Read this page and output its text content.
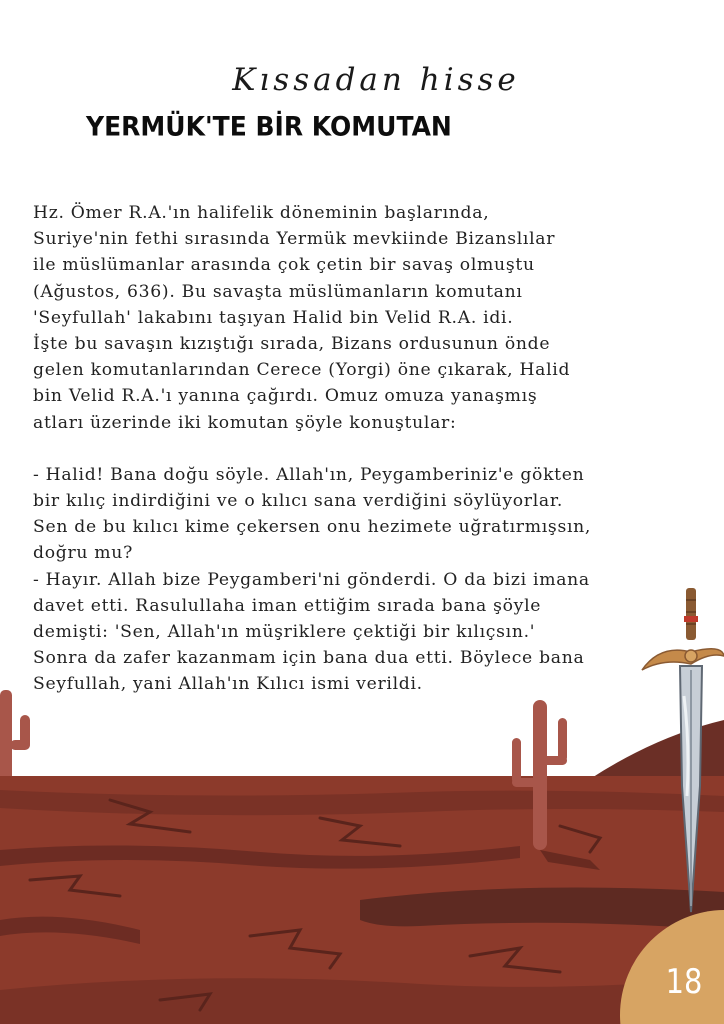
Kıssadan hisse
YERMÜK'TE BİR KOMUTAN

Hz. Ömer R.A.'ın halifelik döneminin başlarında,

Suriye'nin fethi sırasında Yermük mevkiinde Bizanslılar

ile müslümanlar arasında çok çetin bir savaş olmuştu

(Ağustos, 636). Bu savaşta müslümanların komutanı

'Seyfullah' lakabını taşıyan Halid bin Velid R.A. idi.

İşte bu savaşın kızıştığı sırada, Bizans ordusunun önde

gelen komutanlarından Cerece (Yorgi) öne çıkarak, Halid

bin Velid R.A.'ı yanına çağırdı. Omuz omuza yanaşmış

atları üzerinde iki komutan şöyle konuştular:

- Halid! Bana doğu söyle. Allah'ın, Peygamberiniz'e gökten

bir kılıç indirdiğini ve o kılıcı sana verdiğini söylüyorlar.

Sen de bu kılıcı kime çekersen onu hezimete uğratırmışsın,

doğru mu?

- Hayır. Allah bize Peygamberi'ni gönderdi. O da bizi imana

davet etti. Rasulullaha iman ettiğim sırada bana şöyle

demişti: 'Sen, Allah'ın müşriklere çektiği bir kılıçsın.'

Sonra da zafer kazanmam için bana dua etti. Böylece bana

Seyfullah, yani Allah'ın Kılıcı ismi verildi.

18
